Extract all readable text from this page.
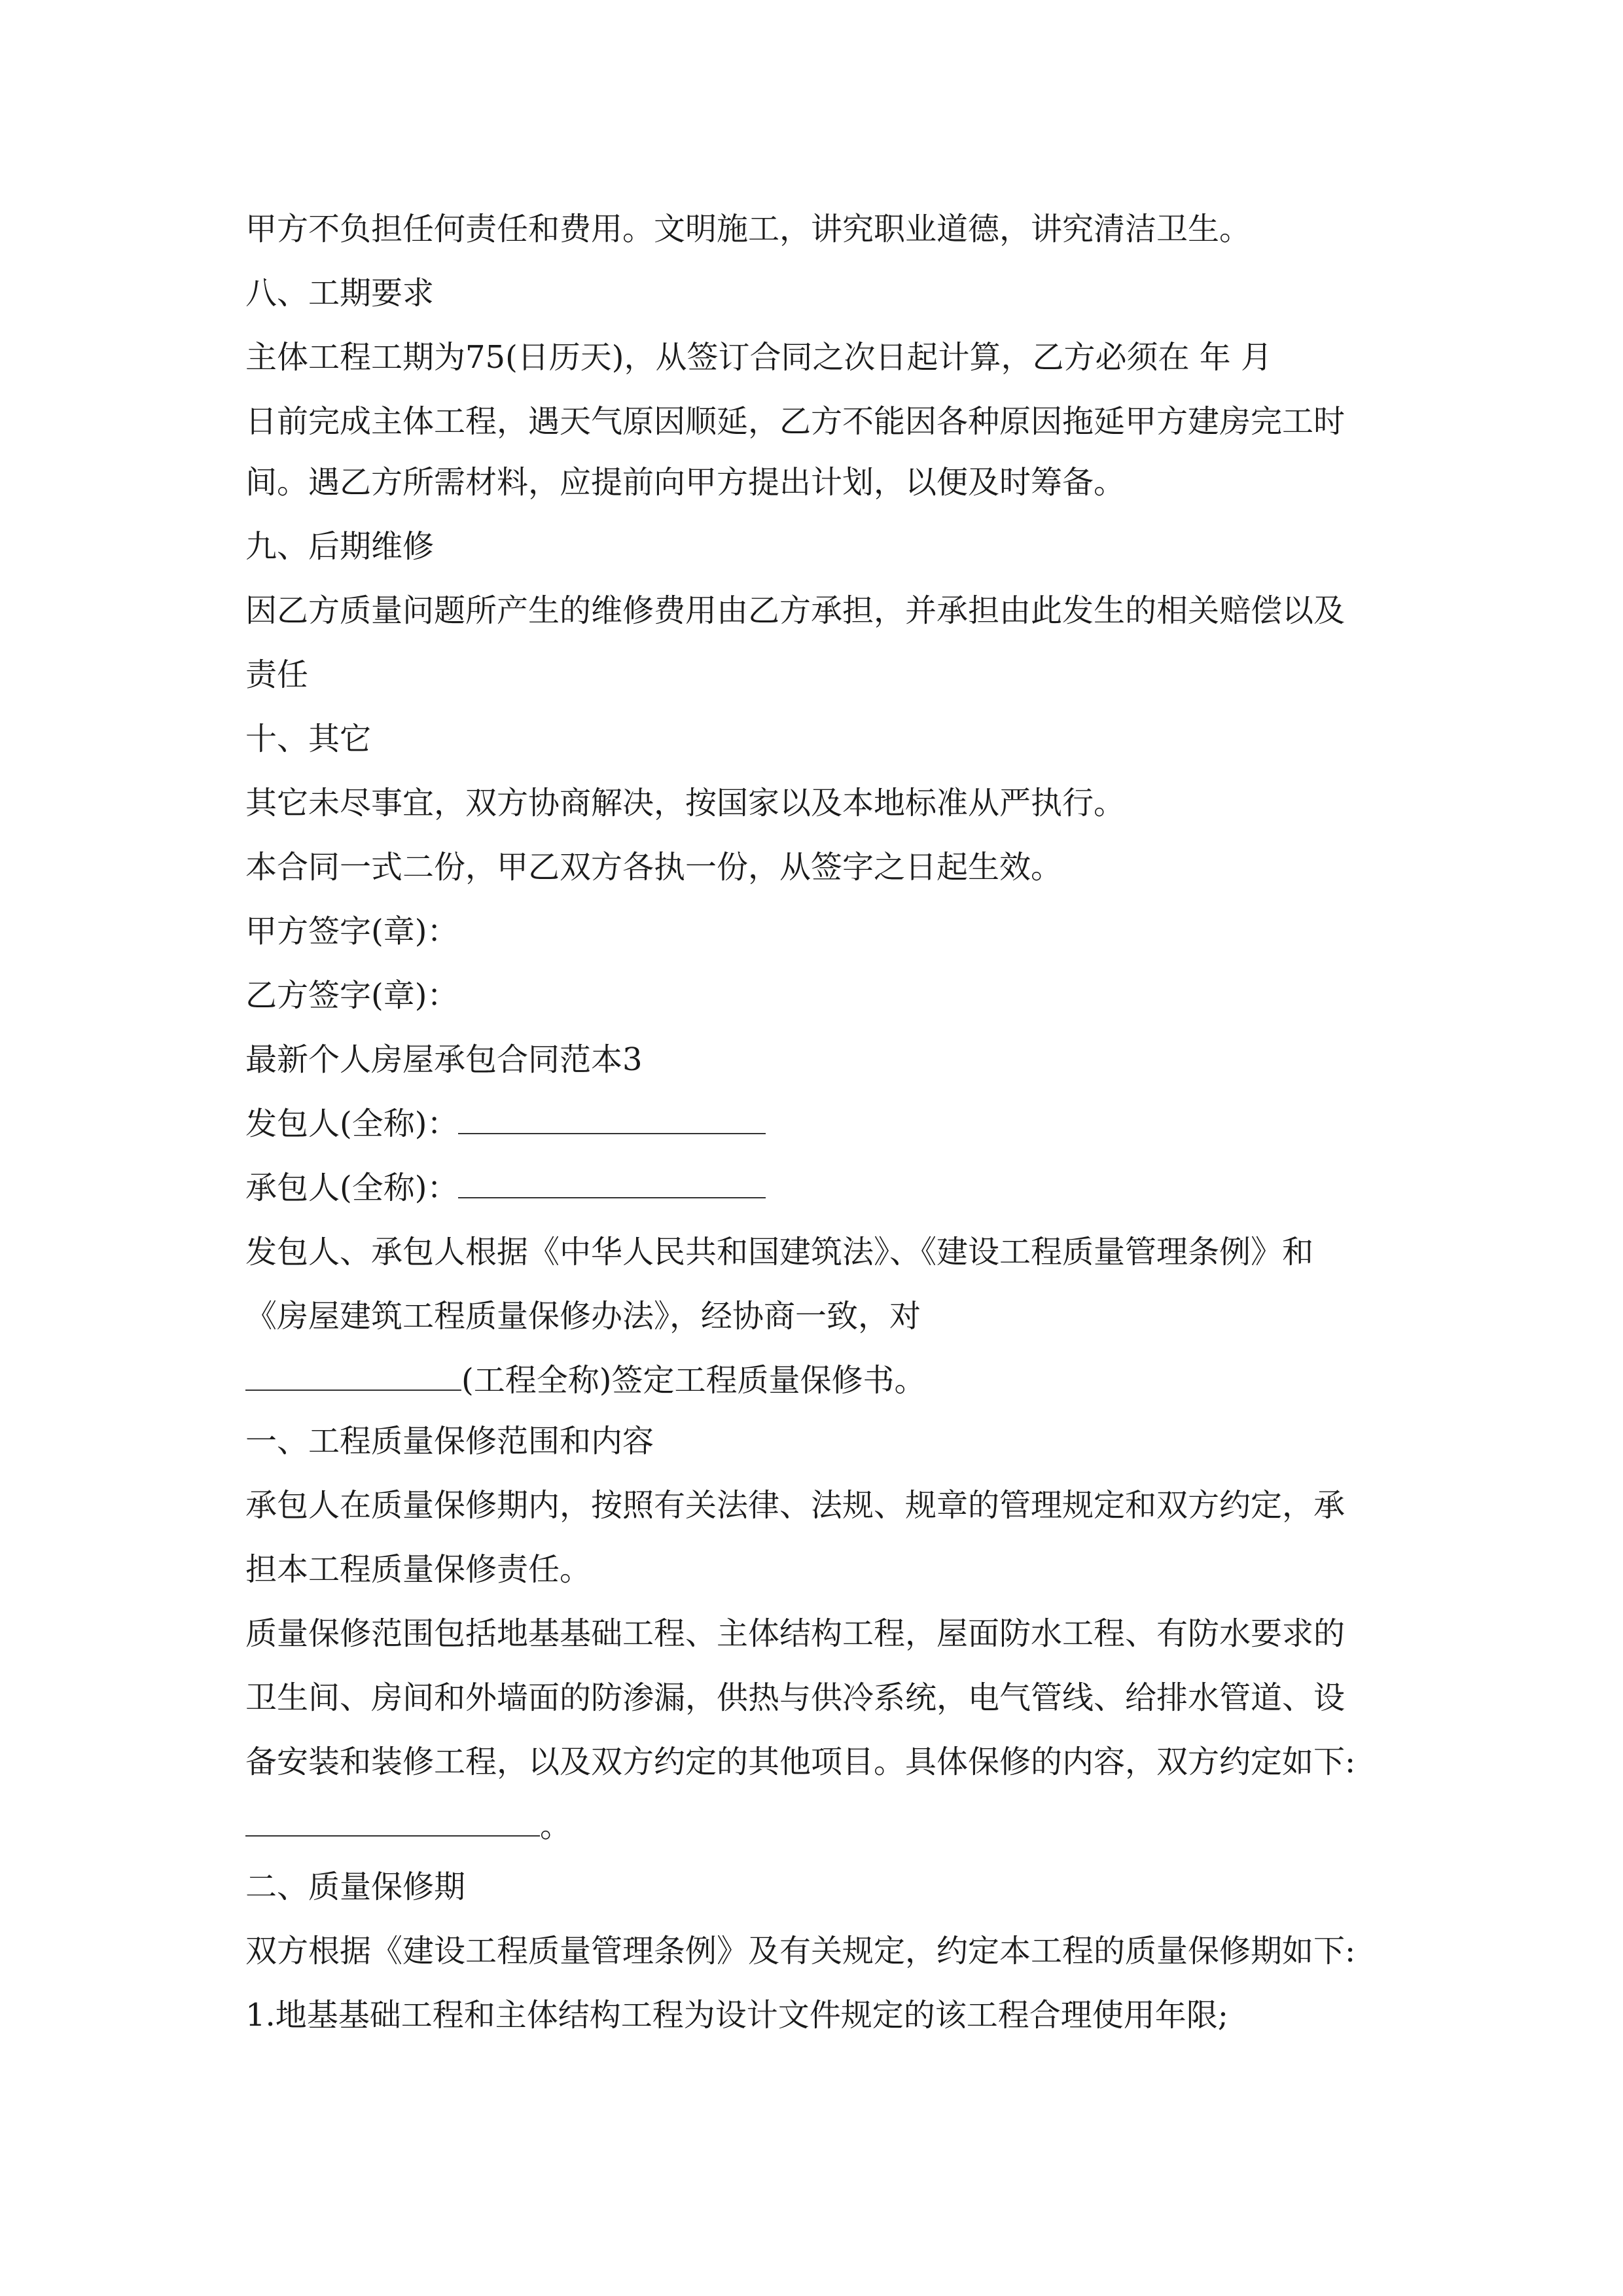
甲方不负担任何责任和费用。文明施工，讲究职业道德，讲究清洁卫生。
八、工期要求
主体工程工期为75(日历天)，从签订合同之次日起计算，乙方必须在 年 月
日前完成主体工程，遇天气原因顺延，乙方不能因各种原因拖延甲方建房完工时
间。遇乙方所需材料，应提前向甲方提出计划，以便及时筹备。
九、后期维修
因乙方质量问题所产生的维修费用由乙方承担，并承担由此发生的相关赔偿以及
责任
十、其它
其它未尽事宜，双方协商解决，按国家以及本地标准从严执行。
本合同一式二份，甲乙双方各执一份，从签字之日起生效。
甲方签字(章)：
乙方签字(章)：
最新个人房屋承包合同范本3
发包人(全称)：
承包人(全称)：
发包人、承包人根据《中华人民共和国建筑法》、《建设工程质量管理条例》和
《房屋建筑工程质量保修办法》，经协商一致，对
(工程全称)签定工程质量保修书。
一、工程质量保修范围和内容
承包人在质量保修期内，按照有关法律、法规、规章的管理规定和双方约定，承
担本工程质量保修责任。
质量保修范围包括地基基础工程、主体结构工程，屋面防水工程、有防水要求的
卫生间、房间和外墙面的防渗漏，供热与供冷系统，电气管线、给排水管道、设
备安装和装修工程，以及双方约定的其他项目。具体保修的内容，双方约定如下:
。
二、质量保修期
双方根据《建设工程质量管理条例》及有关规定，约定本工程的质量保修期如下:
1.地基基础工程和主体结构工程为设计文件规定的该工程合理使用年限;
